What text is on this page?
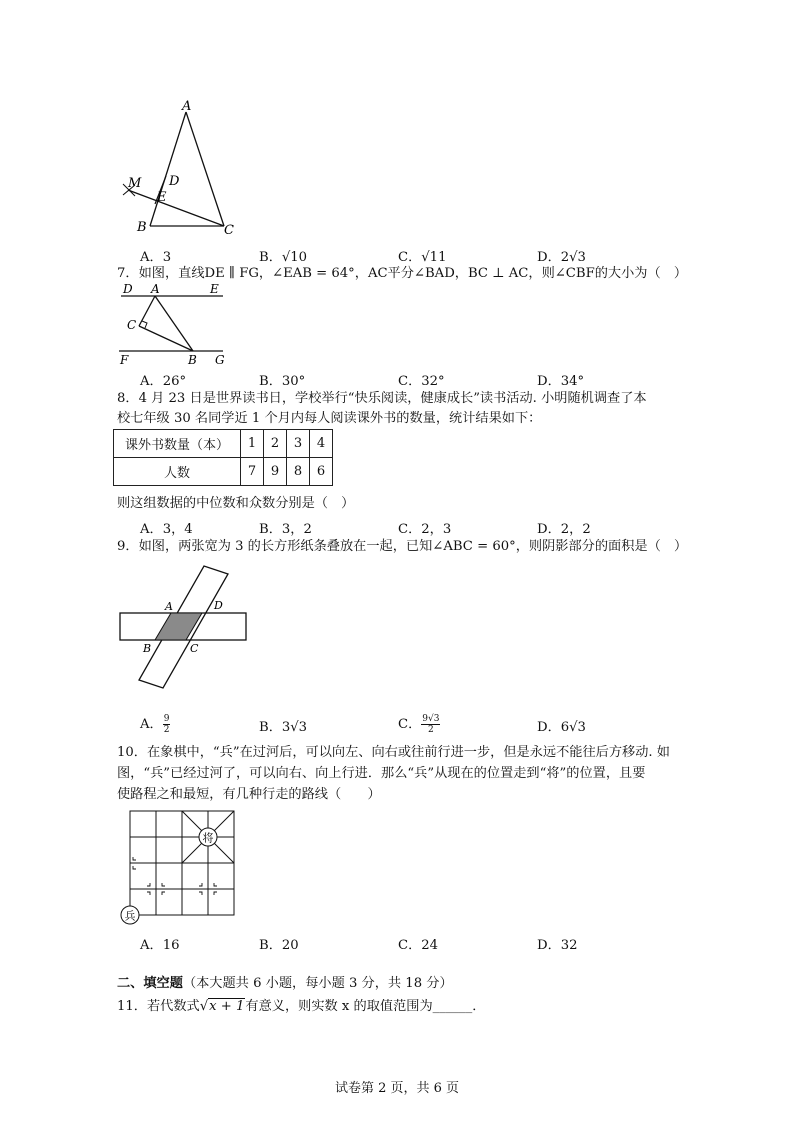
A
M D
E
B	C
A．3	B．√10	C．√11	D．2√3
7．如图，直线DE ∥ FG，∠EAB = 64°，AC平分∠BAD，BC ⊥ AC，则∠CBF的大小为（　）
D A	E
C
F	B G
A．26°	B．30°	C．32°	D．34°
8．4 月 23 日是世界读书日，学校举行“快乐阅读，健康成长”读书活动. 小明随机调查了本
校七年级 30 名同学近 1 个月内每人阅读课外书的数量，统计结果如下：
课外书数量（本）	1	2	3	4
人数	7	9	8	6
则这组数据的中位数和众数分别是（　）
A．3，4	B．3，2	C．2，3	D．2，2
9．如图，两张宽为 3 的长方形纸条叠放在一起，已知∠ABC = 60°，则阴影部分的面积是（　）
A	D
B	C
A． $\frac{9}{2}$	B．3√3	C． $\frac{9√3}{2}$	D．6√3
10．在象棋中，“兵”在过河后，可以向左、向右或往前行进一步，但是永远不能往后方移动. 如
图，“兵”已经过河了，可以向右、向上行进．那么“兵”从现在的位置走到“将”的位置，且要
使路程之和最短，有几种行走的路线（　　）
将
兵
A．16	B．20	C．24	D．32
二、填空题（本大题共 6 小题，每小题 3 分，共 18 分）
11．若代数式√x + 1有意义，则实数 x 的取值范围为______．
试卷第 2 页，共 6 页
